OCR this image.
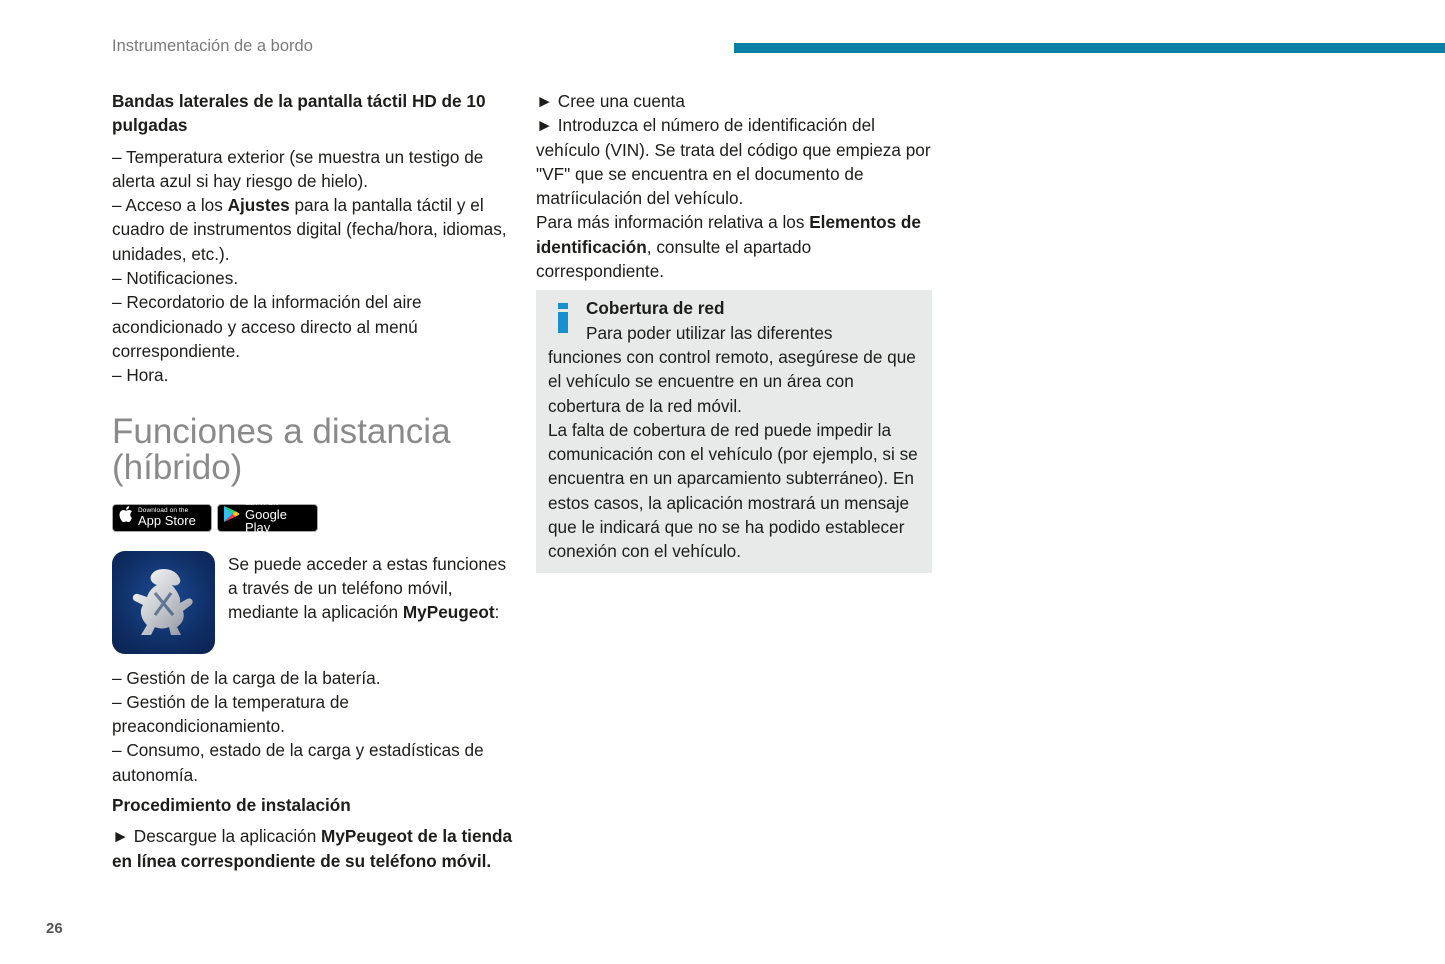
Instrumentación de a bordo

Bandas laterales de la pantalla táctil HD de 10 pulgadas

– Temperatura exterior (se muestra un testigo de alerta azul si hay riesgo de hielo).

– Acceso a los Ajustes para la pantalla táctil y el cuadro de instrumentos digital (fecha/hora, idiomas, unidades, etc.).

– Notificaciones.

– Recordatorio de la información del aire acondicionado y acceso directo al menú correspondiente.

– Hora.

Funciones a distancia (híbrido)

Download on the
App Store
GET IT ON
Google Play

Se puede acceder a estas funciones a través de un teléfono móvil, mediante la aplicación MyPeugeot:

– Gestión de la carga de la batería.

– Gestión de la temperatura de preacondicionamiento.

– Consumo, estado de la carga y estadísticas de autonomía.

Procedimiento de instalación

► Descargue la aplicación MyPeugeot de la tienda en línea correspondiente de su teléfono móvil.

► Cree una cuenta

► Introduzca el número de identificación del vehículo (VIN). Se trata del código que empieza por "VF" que se encuentra en el documento de matríiculación del vehículo.

Para más información relativa a los Elementos de identificación, consulte el apartado correspondiente.

Cobertura de red

Para poder utilizar las diferentes

funciones con control remoto, asegúrese de que el vehículo se encuentre en un área con cobertura de la red móvil.

La falta de cobertura de red puede impedir la comunicación con el vehículo (por ejemplo, si se encuentra en un aparcamiento subterráneo). En estos casos, la aplicación mostrará un mensaje que le indicará que no se ha podido establecer conexión con el vehículo.

26
